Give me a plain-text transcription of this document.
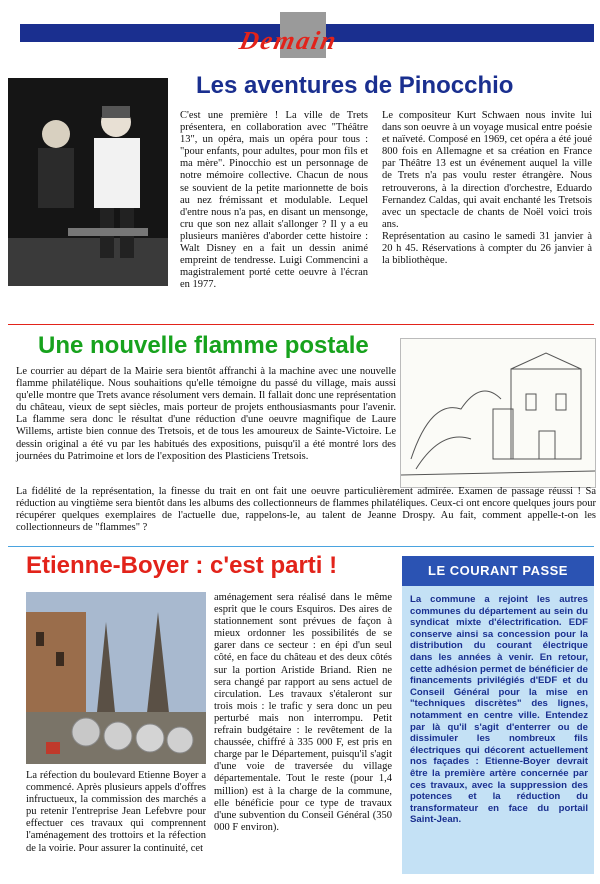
Demain
Les aventures de Pinocchio

C'est une première ! La ville de Trets présentera, en collaboration avec "Théâtre 13", un opéra, mais un opéra pour tous : "pour enfants, pour adultes, pour mon fils et ma mère". Pinocchio est un personnage de notre mémoire collective. Chacun de nous se souvient de la petite marionnette de bois au nez frémissant et modulable. Lequel d'entre nous n'a pas, en disant un mensonge, cru que son nez allait s'allonger ? Il y a eu plusieurs manières d'aborder cette histoire : Walt Disney en a fait un dessin animé empreint de tendresse. Luigi Commencini a magistralement porté cette oeuvre à l'écran en 1977.

Le compositeur Kurt Schwaen nous invite lui dans son oeuvre à un voyage musical entre poésie et naïveté. Composé en 1969, cet opéra a été joué 800 fois en Allemagne et sa création en France par Théâtre 13 est un événement auquel la ville de Trets n'a pas voulu rester étrangère. Nous retrouverons, à la direction d'orchestre, Eduardo Fernandez Caldas, qui avait enchanté les Tretsois avec un spectacle de chants de Noël voici trois ans.

Représentation au casino le samedi 31 janvier à 20 h 45. Réservations à compter du 26 janvier à la bibliothèque.

Une nouvelle flamme postale

Le courrier au départ de la Mairie sera bientôt affranchi à la machine avec une nouvelle flamme philatélique. Nous souhaitions qu'elle témoigne du passé du village, mais aussi qu'elle montre que Trets avance résolument vers demain. Il fallait donc une représentation du château, vieux de sept siècles, mais porteur de projets enthousiasmants pour l'avenir. La flamme sera donc le résultat d'une réduction d'une oeuvre magnifique de Laure Willems, artiste bien connue des Tretsois, et de tous les amoureux de Sainte-Victoire. Le dessin original a été vu par les habitués des expositions, puisqu'il a été montré lors des journées du Patrimoine et lors de l'exposition des Plasticiens Tretsois.

La fidélité de la représentation, la finesse du trait en ont fait une oeuvre particulièrement admirée. Examen de passage réussi ! Sa réduction au vingtième sera bientôt dans les albums des collectionneurs de flammes philatéliques. Ceux-ci ont encore quelques jours pour récupérer quelques exemplaires de l'actuelle due, rappelons-le, au talent de Jeanne Drospy. Au fait, comment appelle-t-on les collectionneurs de "flammes" ?

Etienne-Boyer : c'est parti !

La réfection du boulevard Etienne Boyer a commencé. Après plusieurs appels d'offres infructueux, la commission des marchés a pu retenir l'entreprise Jean Lefebvre pour effectuer ces travaux qui comprennent l'aménagement des trottoirs et la réfection de la voirie. Pour assurer la continuité, cet

aménagement sera réalisé dans le même esprit que le cours Esquiros. Des aires de stationnement sont prévues de façon à mieux ordonner les possibilités de se garer dans ce secteur : en épi d'un seul côté, en face du château et des deux côtés sur la portion Aristide Briand. Rien ne sera changé par rapport au sens actuel de circulation. Les travaux s'étaleront sur trois mois : le trafic y sera donc un peu perturbé mais non interrompu. Petit refrain budgétaire : le revêtement de la chaussée, chiffré à 335 000 F, est pris en charge par le Département, puisqu'il s'agit d'une voie de traversée du village départementale. Tout le reste (pour 1,4 million) est à la charge de la commune, elle bénéficie pour ce type de travaux d'une subvention du Conseil Général (350 000 F environ).

LE COURANT PASSE
La commune a rejoint les autres communes du département au sein du syndicat mixte d'électrification. EDF conserve ainsi sa concession pour la distribution du courant électrique dans les années à venir. En retour, cette adhésion permet de bénéficier de financements privilégiés d'EDF et du Conseil Général pour la mise en "techniques discrètes" des lignes, notamment en centre ville. Entendez par là qu'il s'agit d'enterrer ou de dissimuler les nombreux fils électriques qui décorent actuellement nos façades : Etienne-Boyer devrait être la première artère concernée par ces travaux, avec la suppression des potences et la réduction du transformateur en face du portail Saint-Jean.
